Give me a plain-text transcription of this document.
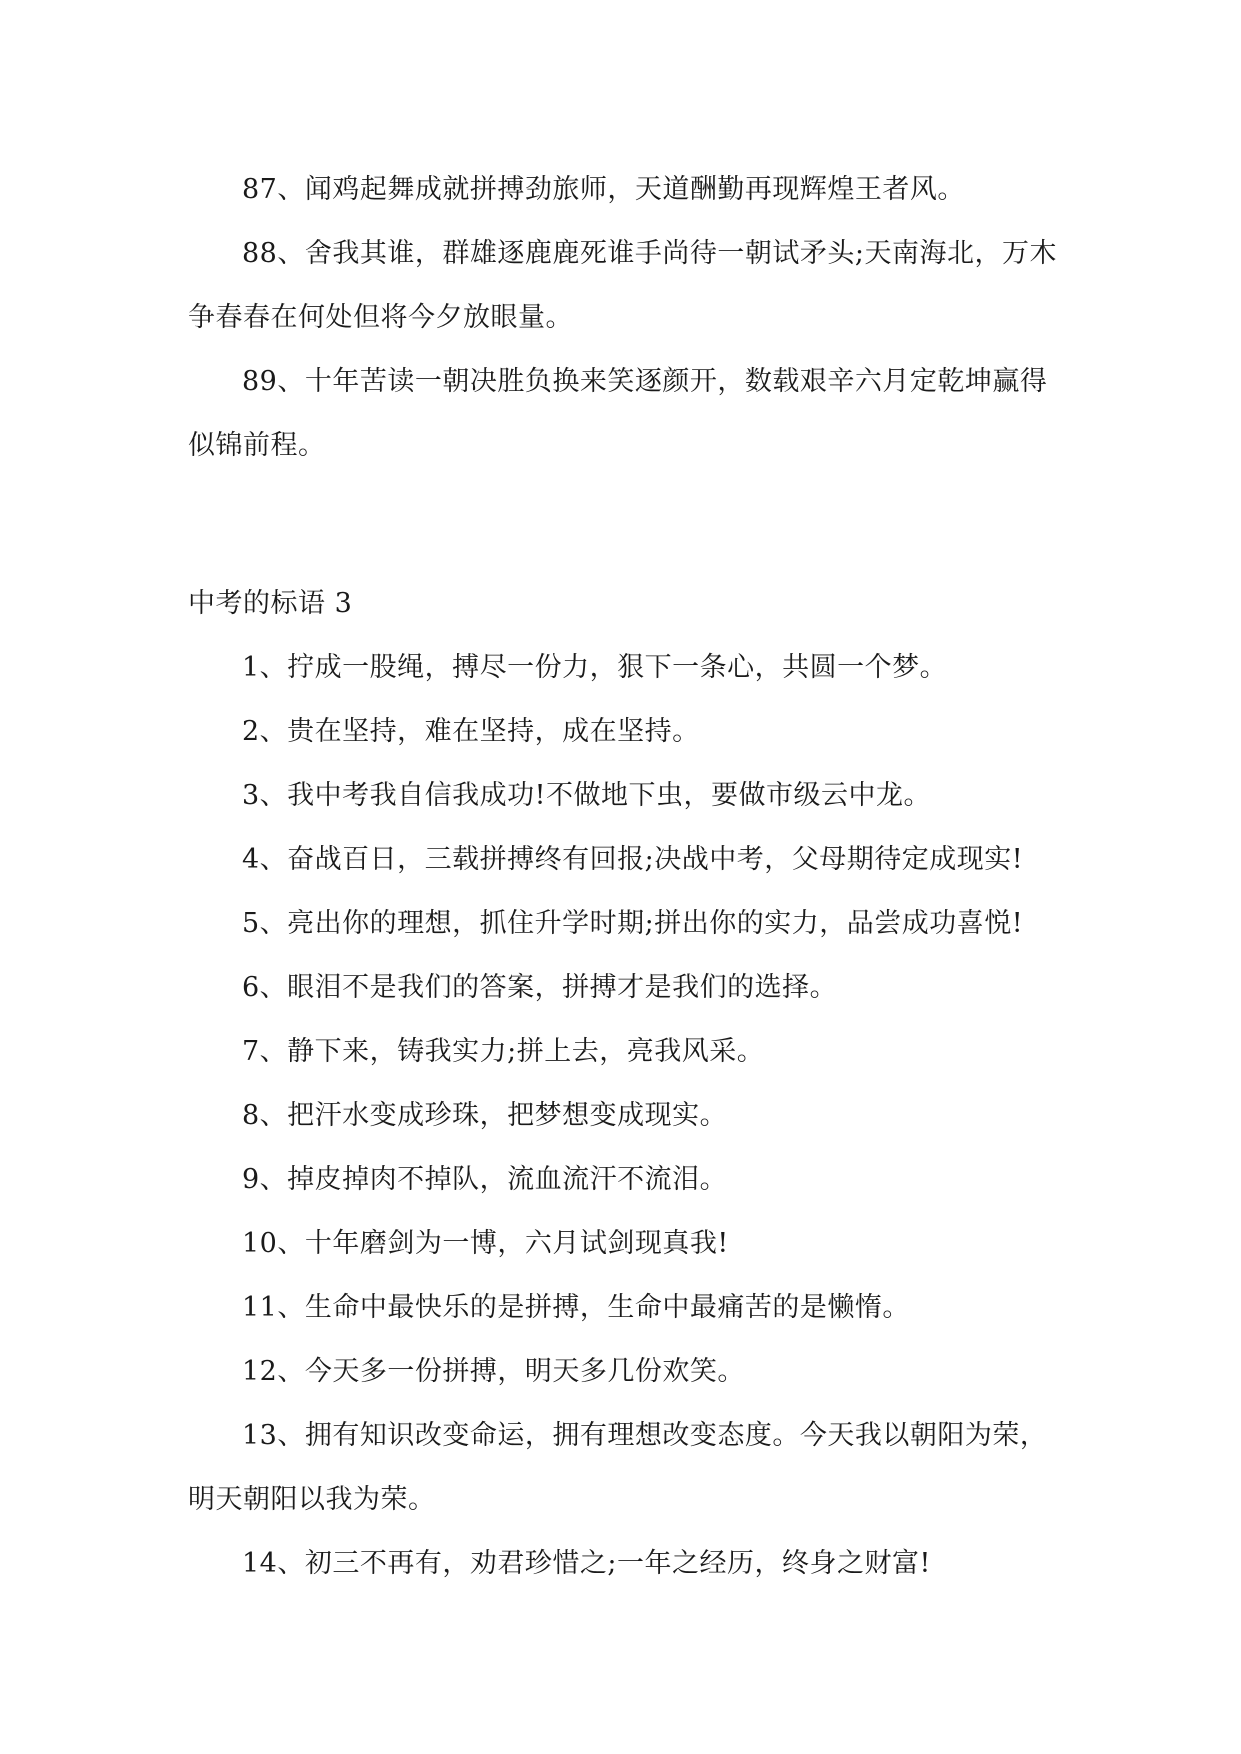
87、闻鸡起舞成就拼搏劲旅师，天道酬勤再现辉煌王者风。

88、舍我其谁，群雄逐鹿鹿死谁手尚待一朝试矛头;天南海北，万木争春春在何处但将今夕放眼量。

89、十年苦读一朝决胜负换来笑逐颜开，数载艰辛六月定乾坤赢得似锦前程。

中考的标语 3

1、拧成一股绳，搏尽一份力，狠下一条心，共圆一个梦。

2、贵在坚持，难在坚持，成在坚持。

3、我中考我自信我成功!不做地下虫，要做市级云中龙。

4、奋战百日，三载拼搏终有回报;决战中考，父母期待定成现实!

5、亮出你的理想，抓住升学时期;拼出你的实力，品尝成功喜悦!

6、眼泪不是我们的答案，拼搏才是我们的选择。

7、静下来，铸我实力;拼上去，亮我风采。

8、把汗水变成珍珠，把梦想变成现实。

9、掉皮掉肉不掉队，流血流汗不流泪。

10、十年磨剑为一博，六月试剑现真我!

11、生命中最快乐的是拼搏，生命中最痛苦的是懒惰。

12、今天多一份拼搏，明天多几份欢笑。

13、拥有知识改变命运，拥有理想改变态度。今天我以朝阳为荣，明天朝阳以我为荣。

14、初三不再有，劝君珍惜之;一年之经历，终身之财富!
